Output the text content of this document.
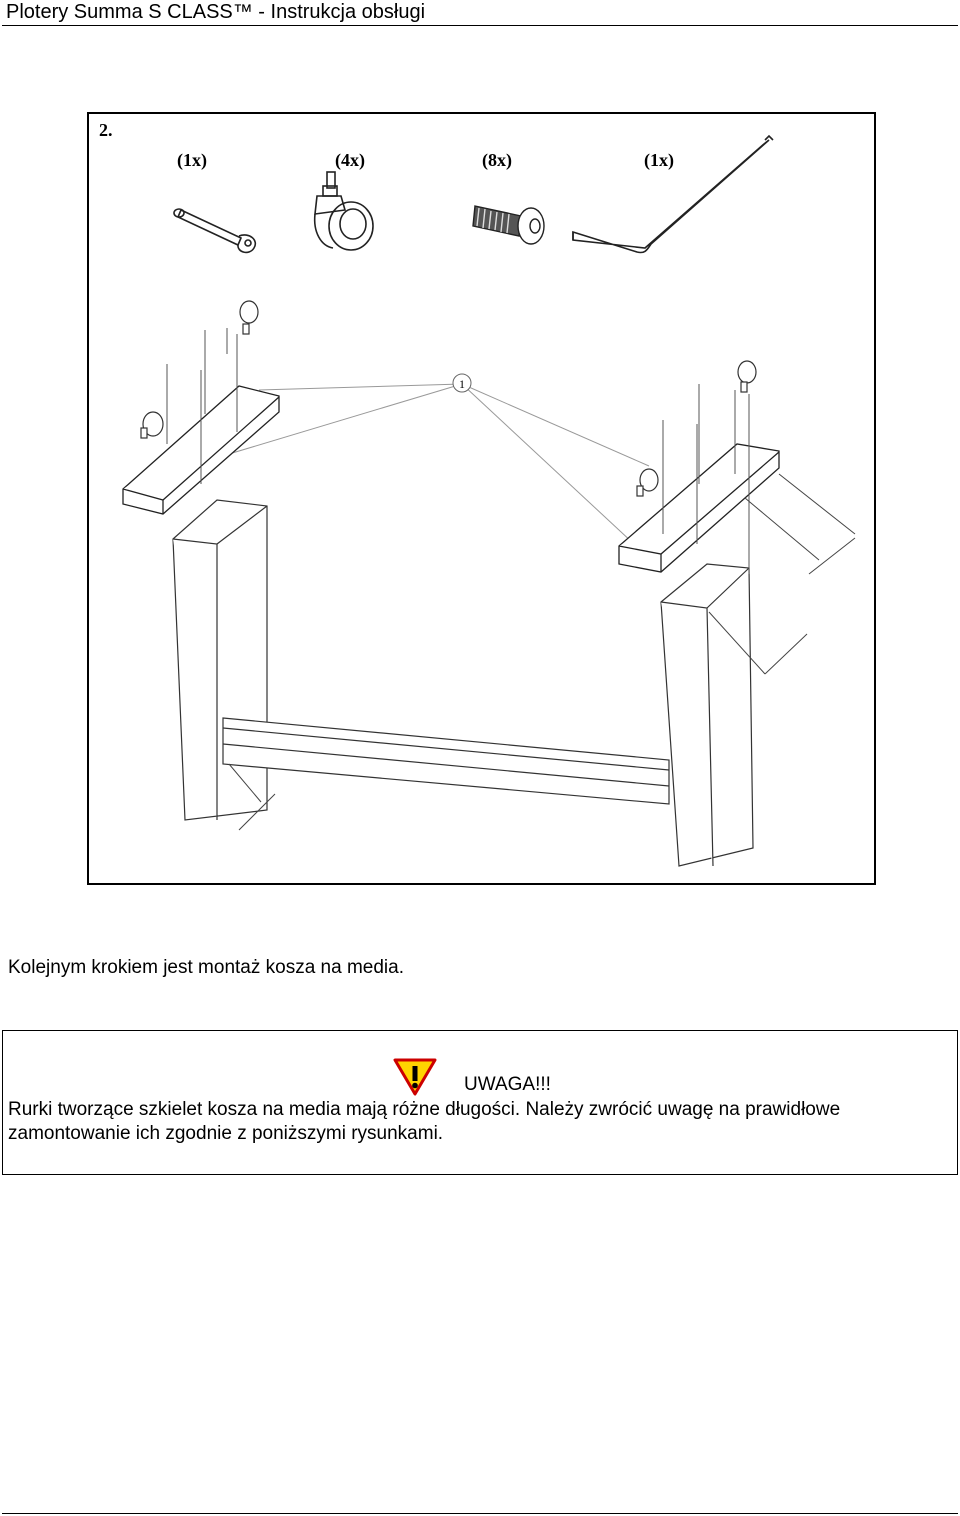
Plotery Summa S CLASS™ - Instrukcja obsługi
2.
(1x)	(4x)	(8x)	(1x)
1
Kolejnym krokiem jest montaż kosza na media.
UWAGA!!!
Rurki tworzące szkielet kosza na media mają różne długości. Należy zwrócić uwagę na prawidłowe
zamontowanie ich zgodnie z poniższymi rysunkami.
